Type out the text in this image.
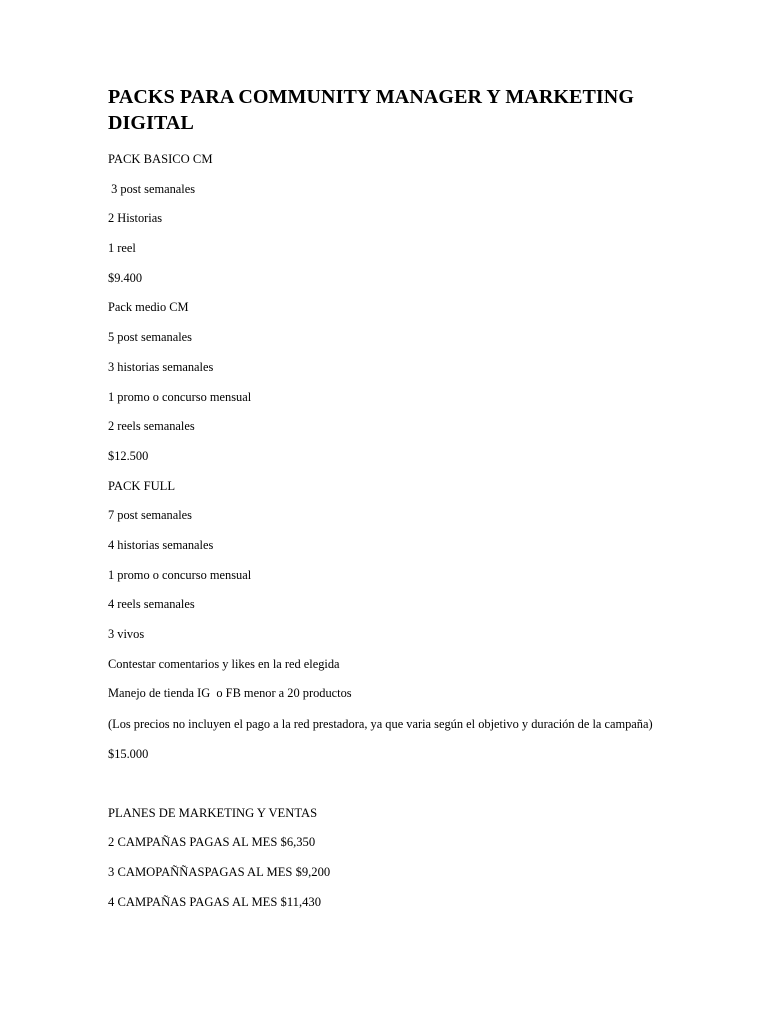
PACKS PARA COMMUNITY MANAGER Y MARKETING DIGITAL
PACK BASICO CM
3 post semanales
2 Historias
1 reel
$9.400
Pack medio CM
5 post semanales
3 historias semanales
1 promo o concurso mensual
2 reels semanales
$12.500
PACK FULL
7 post semanales
4 historias semanales
1 promo o concurso mensual
4 reels semanales
3 vivos
Contestar comentarios y likes en la red elegida
Manejo de tienda IG  o FB menor a 20 productos
(Los precios no incluyen el pago a la red prestadora, ya que varia según el objetivo y duración de la campaña)
$15.000
PLANES DE MARKETING Y VENTAS
2 CAMPAÑAS PAGAS AL MES $6,350
3 CAMOPAÑÑASPAGAS AL MES $9,200
4 CAMPAÑAS PAGAS AL MES $11,430
